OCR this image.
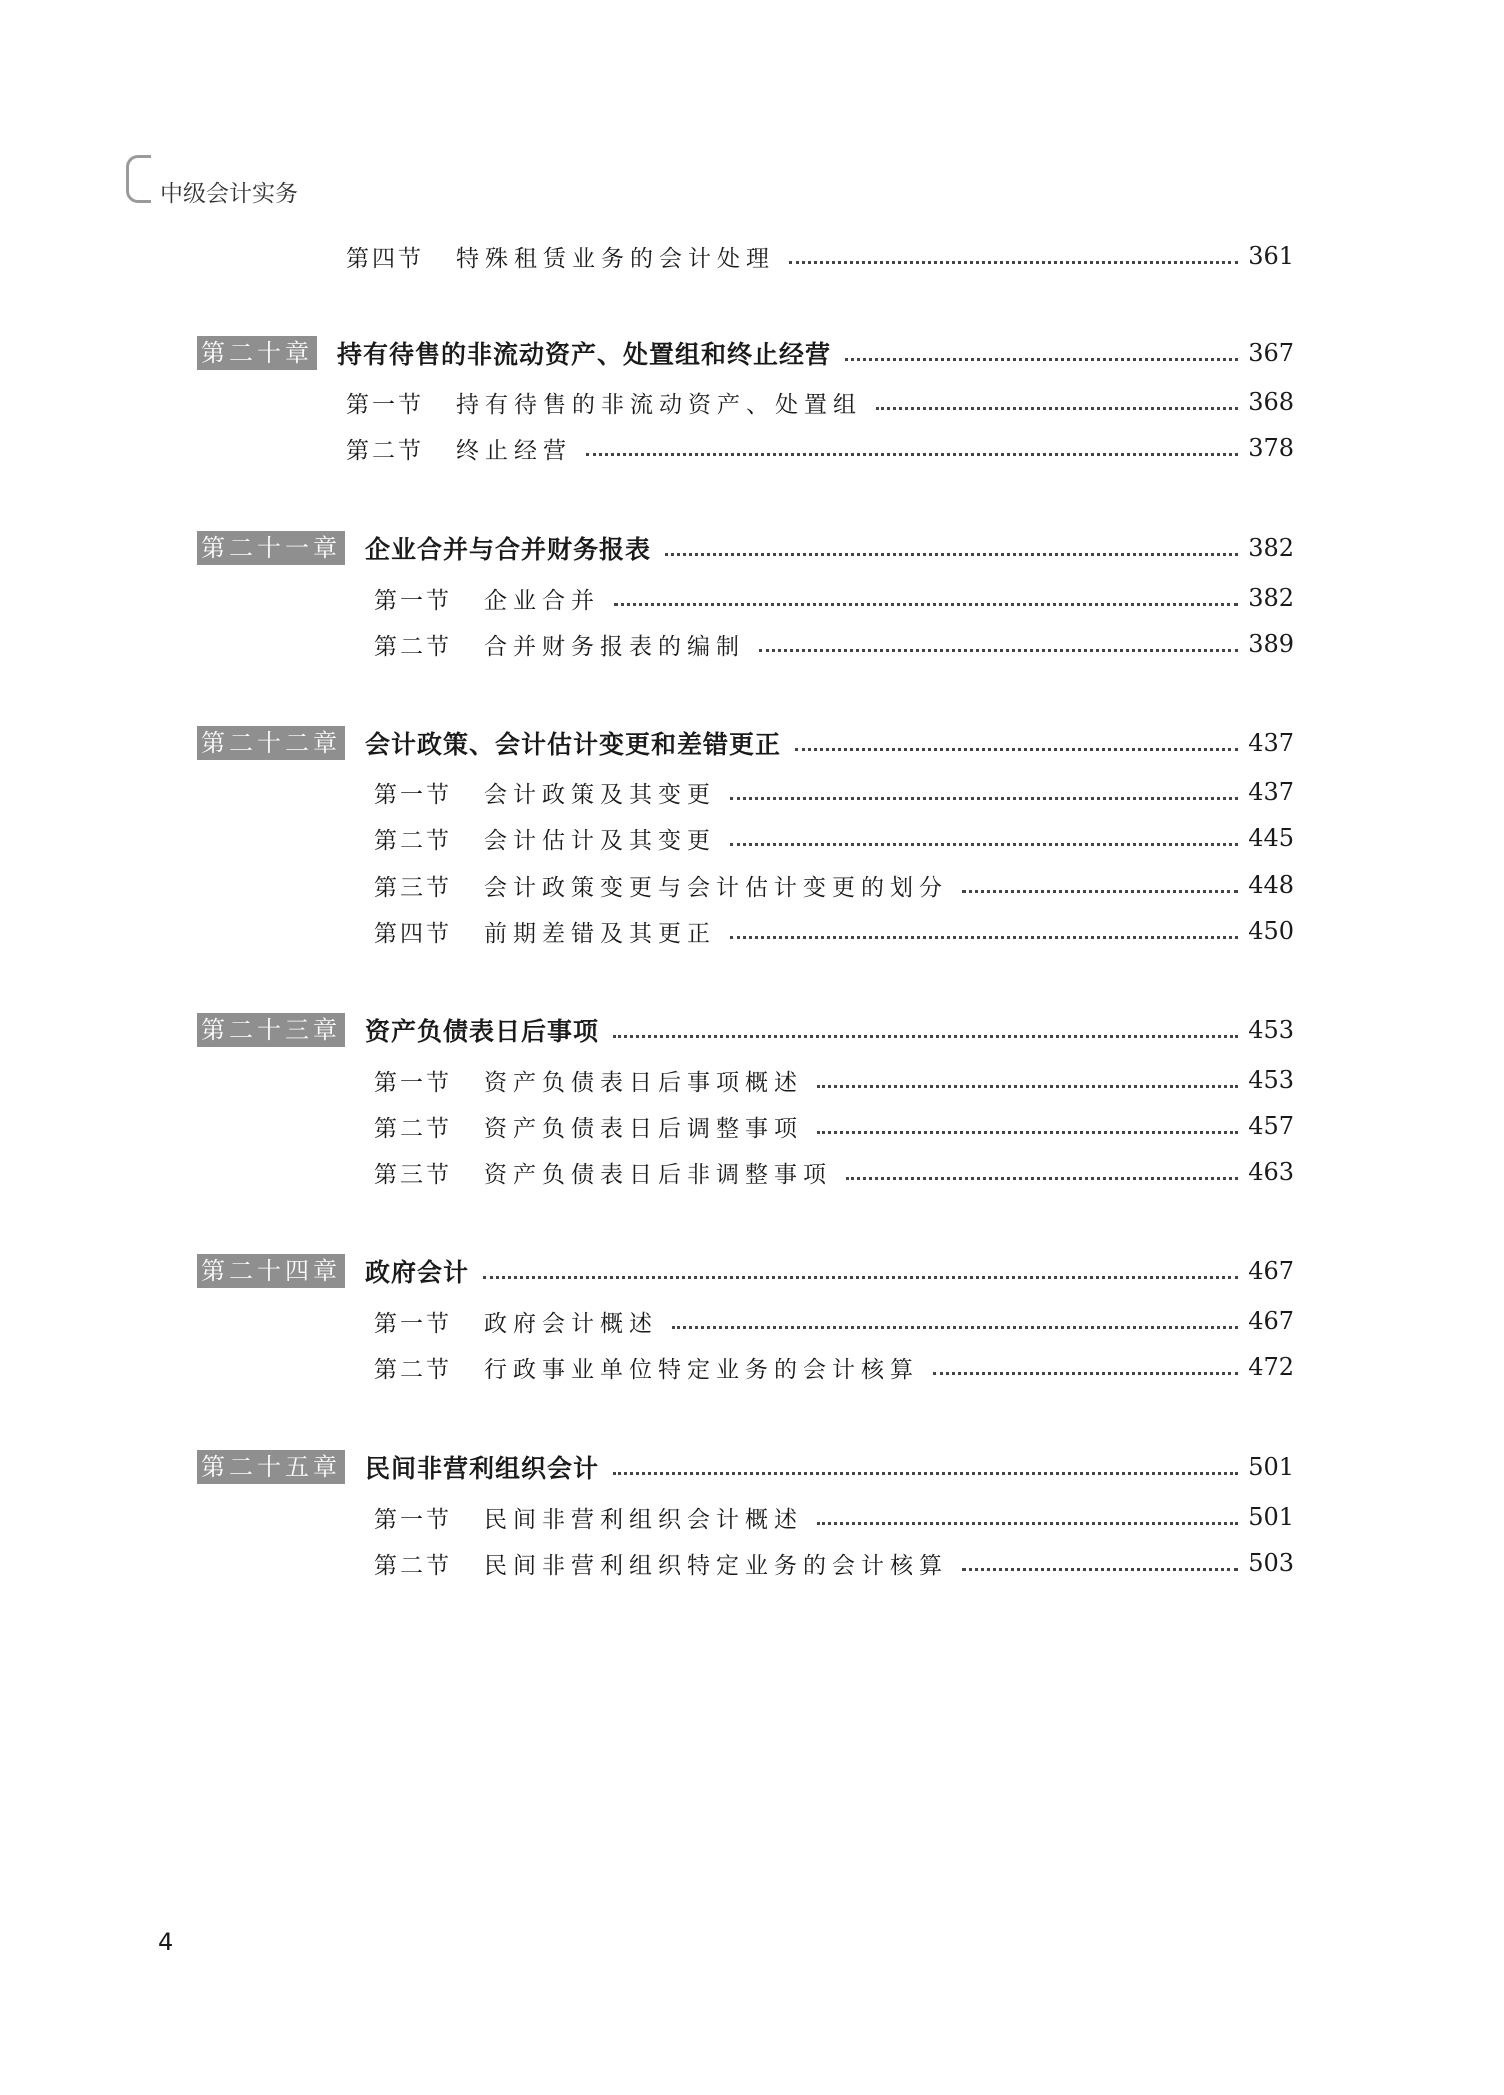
中级会计实务
第四节 特殊租赁业务的会计处理	361
第二十章 持有待售的非流动资产、处置组和终止经营	367
第一节 持有待售的非流动资产、处置组	368
第二节 终止经营	378
第二十一章 企业合并与合并财务报表	382
第一节 企业合并	382
第二节 合并财务报表的编制	389
第二十二章 会计政策、会计估计变更和差错更正	437
第一节 会计政策及其变更	437
第二节 会计估计及其变更	445
第三节 会计政策变更与会计估计变更的划分	448
第四节 前期差错及其更正	450
第二十三章 资产负债表日后事项	453
第一节 资产负债表日后事项概述	453
第二节 资产负债表日后调整事项	457
第三节 资产负债表日后非调整事项	463
第二十四章 政府会计	467
第一节 政府会计概述	467
第二节 行政事业单位特定业务的会计核算	472
第二十五章 民间非营利组织会计	501
第一节 民间非营利组织会计概述	501
第二节 民间非营利组织特定业务的会计核算	503
4
